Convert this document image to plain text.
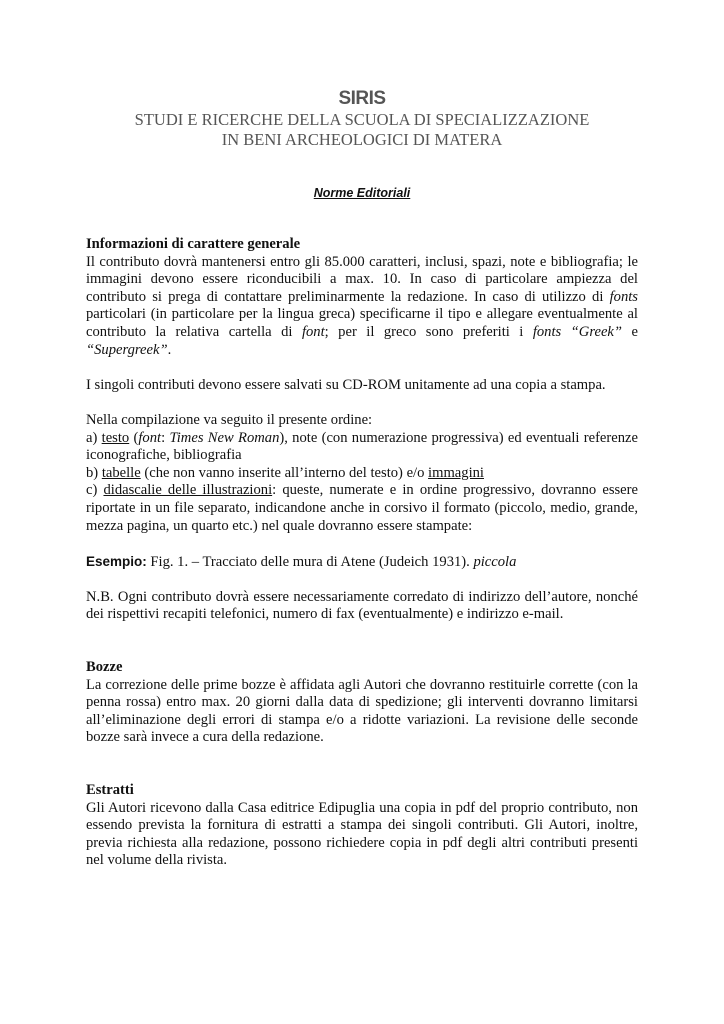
SIRIS
STUDI E RICERCHE DELLA SCUOLA DI SPECIALIZZAZIONE
IN BENI ARCHEOLOGICI DI MATERA
Norme Editoriali

Informazioni di carattere generale

Il contributo dovrà mantenersi entro gli 85.000 caratteri, inclusi, spazi, note e bibliografia; le immagini devono essere riconducibili a max. 10. In caso di particolare ampiezza del contributo si prega di contattare preliminarmente la redazione. In caso di utilizzo di fonts particolari (in particolare per la lingua greca) specificarne il tipo e allegare eventualmente al contributo la relativa cartella di font; per il greco sono preferiti i fonts “Greek” e “Supergreek”.

I singoli contributi devono essere salvati su CD-ROM unitamente ad una copia a stampa.

Nella compilazione va seguito il presente ordine:

a) testo (font: Times New Roman), note (con numerazione progressiva) ed eventuali referenze iconografiche, bibliografia

b) tabelle (che non vanno inserite all’interno del testo) e/o immagini

c) didascalie delle illustrazioni: queste, numerate e in ordine progressivo, dovranno essere riportate in un file separato, indicandone anche in corsivo il formato (piccolo, medio, grande, mezza pagina, un quarto etc.) nel quale dovranno essere stampate:

Esempio: Fig. 1. – Tracciato delle mura di Atene (Judeich 1931). piccola

N.B. Ogni contributo dovrà essere necessariamente corredato di indirizzo dell’autore, nonché dei rispettivi recapiti telefonici, numero di fax (eventualmente) e indirizzo e-mail.

Bozze

La correzione delle prime bozze è affidata agli Autori che dovranno restituirle corrette (con la penna rossa) entro max. 20 giorni dalla data di spedizione; gli interventi dovranno limitarsi all’eliminazione degli errori di stampa e/o a ridotte variazioni. La revisione delle seconde bozze sarà invece a cura della redazione.

Estratti

Gli Autori ricevono dalla Casa editrice Edipuglia una copia in pdf del proprio contributo, non essendo prevista la fornitura di estratti a stampa dei singoli contributi. Gli Autori, inoltre, previa richiesta alla redazione, possono richiedere copia in pdf degli altri contributi presenti nel volume della rivista.
